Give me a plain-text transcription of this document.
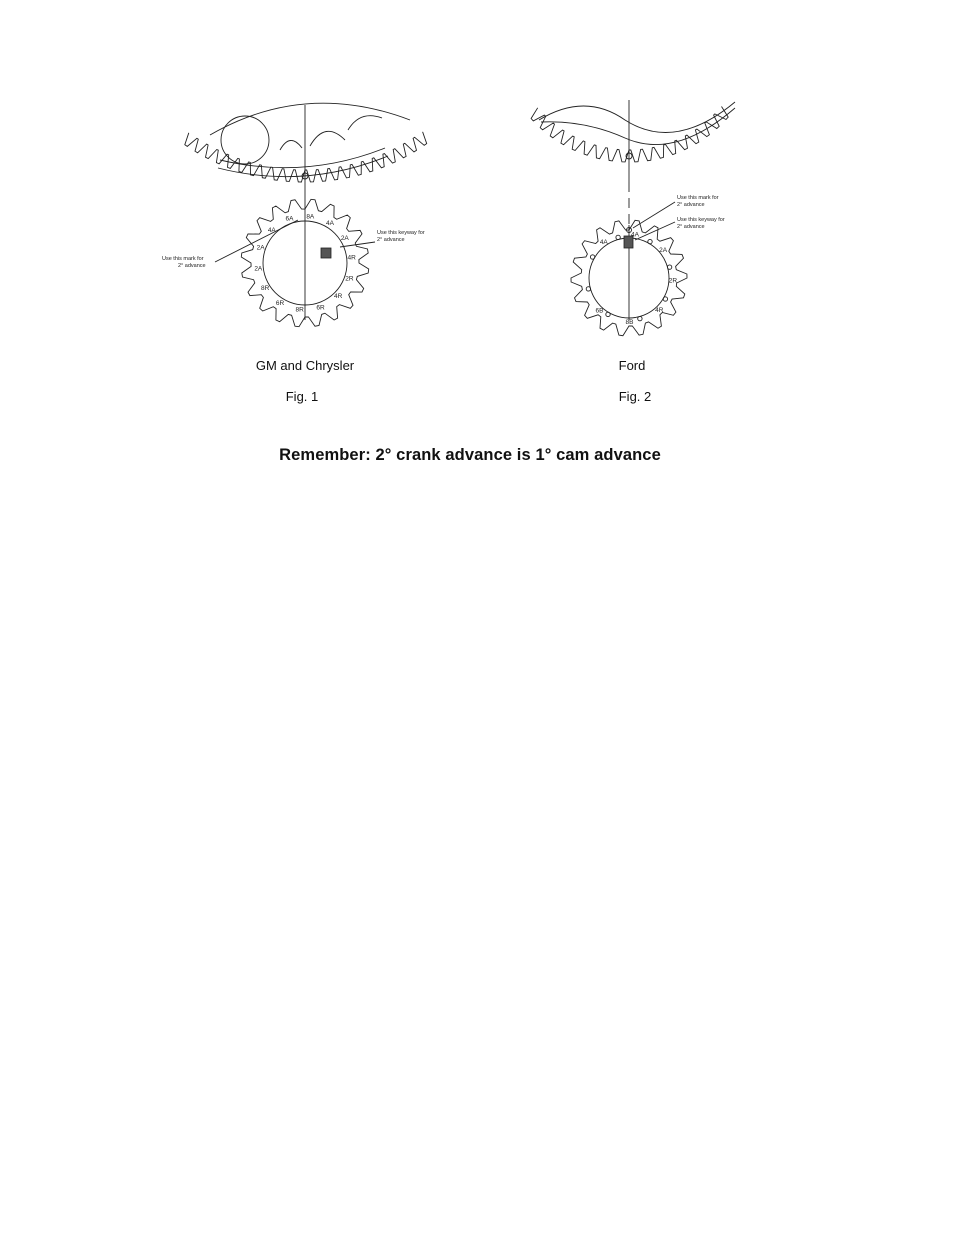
4A
6A 8A
4A
2A
4R
2R
4R
6R
8R
6R
8R
2A
2A
Use this keyway for
2° advance
Use this mark for
2° advance
4A
4A
2A
2R
4R
8B
6B
Use this mark for
2° advance
Use this keyway for
2° advance
GM and Chrysler
Fig. 1
Ford
Fig. 2
Remember: 2° crank advance is 1° cam advance
